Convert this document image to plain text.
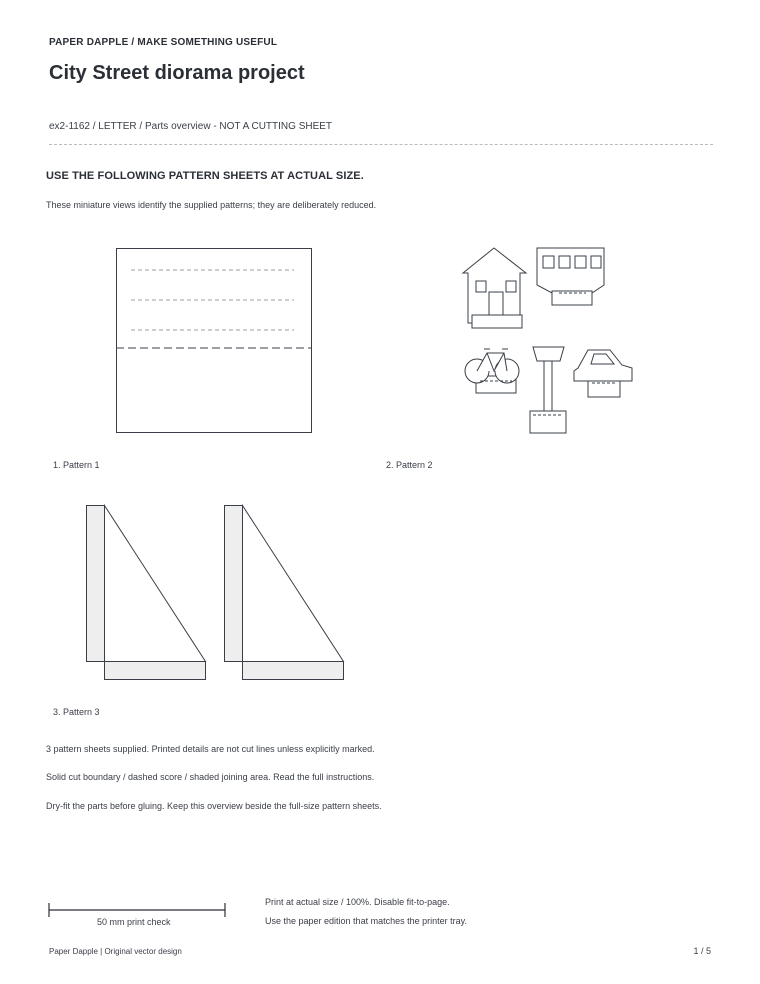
PAPER DAPPLE / MAKE SOMETHING USEFUL
City Street diorama project
ex2-1162 / LETTER / Parts overview - NOT A CUTTING SHEET
USE THE FOLLOWING PATTERN SHEETS AT ACTUAL SIZE.
These miniature views identify the supplied patterns; they are deliberately reduced.
1. Pattern 1	2. Pattern 2
3. Pattern 3
3 pattern sheets supplied. Printed details are not cut lines unless explicitly marked.
Solid cut boundary / dashed score / shaded joining area. Read the full instructions.
Dry-fit the parts before gluing. Keep this overview beside the full-size pattern sheets.
50 mm print check
Print at actual size / 100%. Disable fit-to-page.
Use the paper edition that matches the printer tray.
Paper Dapple | Original vector design	1 / 5
